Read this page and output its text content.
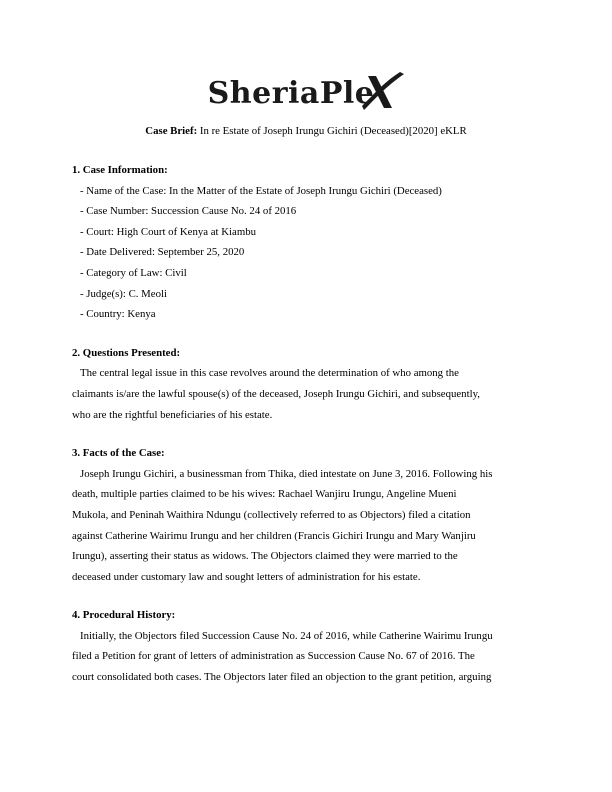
SheriaPle
Case Brief: In re Estate of Joseph Irungu Gichiri (Deceased)[2020] eKLR
1. Case Information:
- Name of the Case: In the Matter of the Estate of Joseph Irungu Gichiri (Deceased)
- Case Number: Succession Cause No. 24 of 2016
- Court: High Court of Kenya at Kiambu
- Date Delivered: September 25, 2020
- Category of Law: Civil
- Judge(s): C. Meoli
- Country: Kenya
2. Questions Presented:
The central legal issue in this case revolves around the determination of who among the
claimants is/are the lawful spouse(s) of the deceased, Joseph Irungu Gichiri, and subsequently,
who are the rightful beneficiaries of his estate.
3. Facts of the Case:
Joseph Irungu Gichiri, a businessman from Thika, died intestate on June 3, 2016. Following his
death, multiple parties claimed to be his wives: Rachael Wanjiru Irungu, Angeline Mueni
Mukola, and Peninah Waithira Ndungu (collectively referred to as Objectors) filed a citation
against Catherine Wairimu Irungu and her children (Francis Gichiri Irungu and Mary Wanjiru
Irungu), asserting their status as widows. The Objectors claimed they were married to the
deceased under customary law and sought letters of administration for his estate.
4. Procedural History:
Initially, the Objectors filed Succession Cause No. 24 of 2016, while Catherine Wairimu Irungu
filed a Petition for grant of letters of administration as Succession Cause No. 67 of 2016. The
court consolidated both cases. The Objectors later filed an objection to the grant petition, arguing
